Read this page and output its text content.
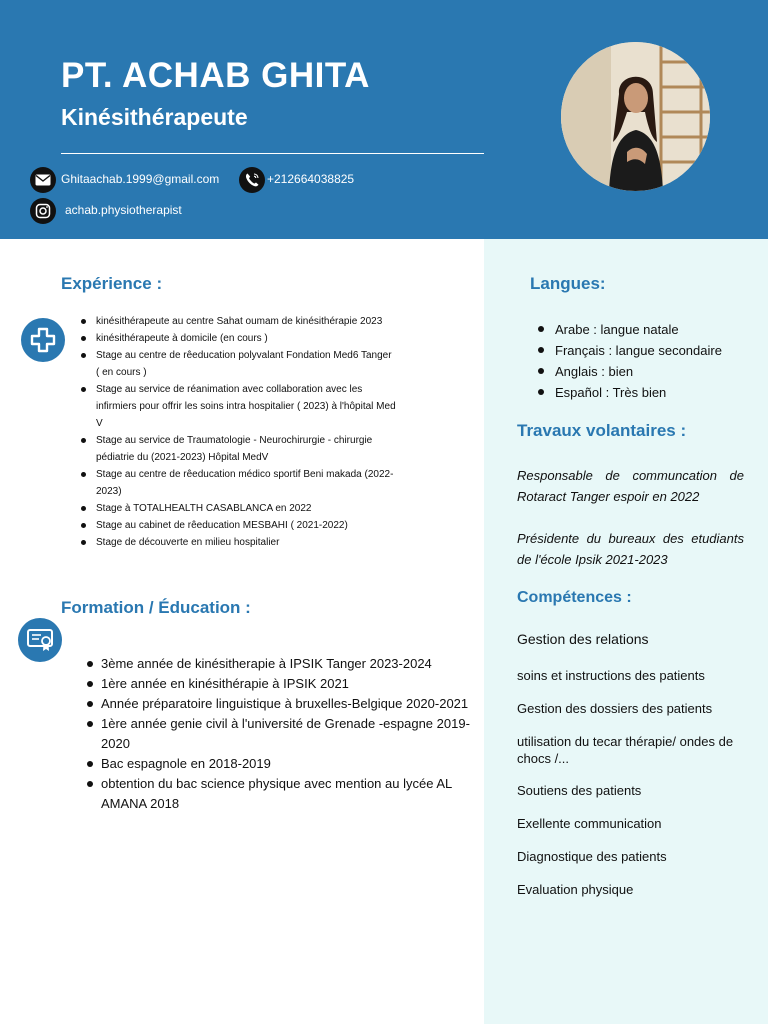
PT. ACHAB GHITA
Kinésithérapeute
Ghitaachab.1999@gmail.com	+212664038825
achab.physiotherapist
Expérience :
kinésithérapeute au centre Sahat oumam de kinésithérapie 2023
kinésithérapeute à domicile (en cours )
Stage au centre de rêeducation polyvalant Fondation Med6 Tanger ( en cours )
Stage au service de réanimation avec collaboration avec les infirmiers pour offrir les soins intra hospitalier ( 2023) à l'hôpital Med V
Stage au service de Traumatologie - Neurochirurgie - chirurgie pédiatrie du (2021-2023) Hôpital MedV
Stage au centre de rêeducation médico sportif Beni makada (2022-2023)
Stage à TOTALHEALTH CASABLANCA en 2022
Stage au cabinet de rêeducation MESBAHI ( 2021-2022)
Stage de découverte en milieu hospitalier
Formation / Éducation :
3ème année de kinésitherapie à IPSIK Tanger 2023-2024
1ère année en kinésithérapie à IPSIK 2021
Année préparatoire linguistique à bruxelles-Belgique 2020-2021
1ère année genie civil à l'université de Grenade -espagne 2019-2020
Bac espagnole en 2018-2019
obtention du bac science physique avec mention au lycée AL AMANA 2018
Langues:
Arabe : langue natale
Français : langue secondaire
Anglais : bien
Español : Très bien
Travaux volantaires :
Responsable de communcation de Rotaract Tanger espoir en 2022
Présidente du bureaux des etudiants de l'école Ipsik 2021-2023
Compétences :
Gestion des relations
soins et instructions des patients
Gestion des dossiers des patients
utilisation du tecar thérapie/ ondes de chocs /...
Soutiens des patients
Exellente communication
Diagnostique des patients
Evaluation physique
